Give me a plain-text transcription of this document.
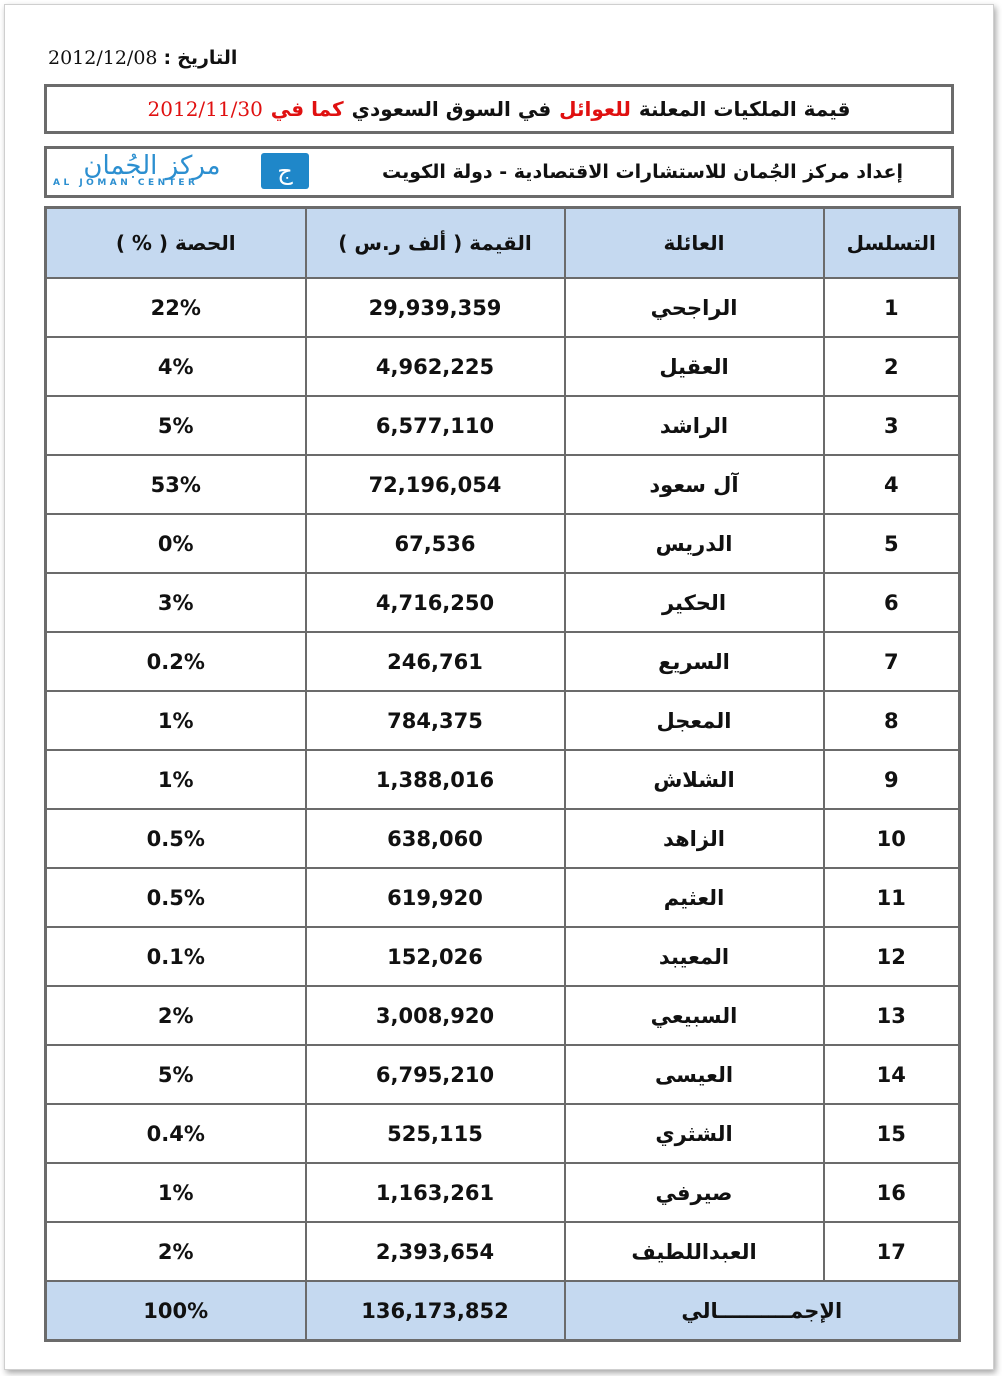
2012/12/08 : التاريخ
قيمة الملكيات المعلنة
للعوائل
في السوق السعودي
كما في
2012/11/30
إعداد مركز الجُمان للاستشارات الاقتصادية - دولة الكويت
مركز الجُمان
AL JOMAN CENTER	ج
التسلسل	العائلة	القيمة ( ألف ر.س )	الحصة ( % )
1	الراجحي	29,939,359	22%
2	العقيل	4,962,225	4%
3	الراشد	6,577,110	5%
4	آل سعود	72,196,054	53%
5	الدريس	67,536	0%
6	الحكير	4,716,250	3%
7	السريع	246,761	0.2%
8	المعجل	784,375	1%
9	الشلاش	1,388,016	1%
10	الزاهد	638,060	0.5%
11	العثيم	619,920	0.5%
12	المعيبد	152,026	0.1%
13	السبيعي	3,008,920	2%
14	العيسى	6,795,210	5%
15	الشثري	525,115	0.4%
16	صيرفي	1,163,261	1%
17	العبداللطيف	2,393,654	2%
الإجمــــــــــالي		136,173,852	100%
